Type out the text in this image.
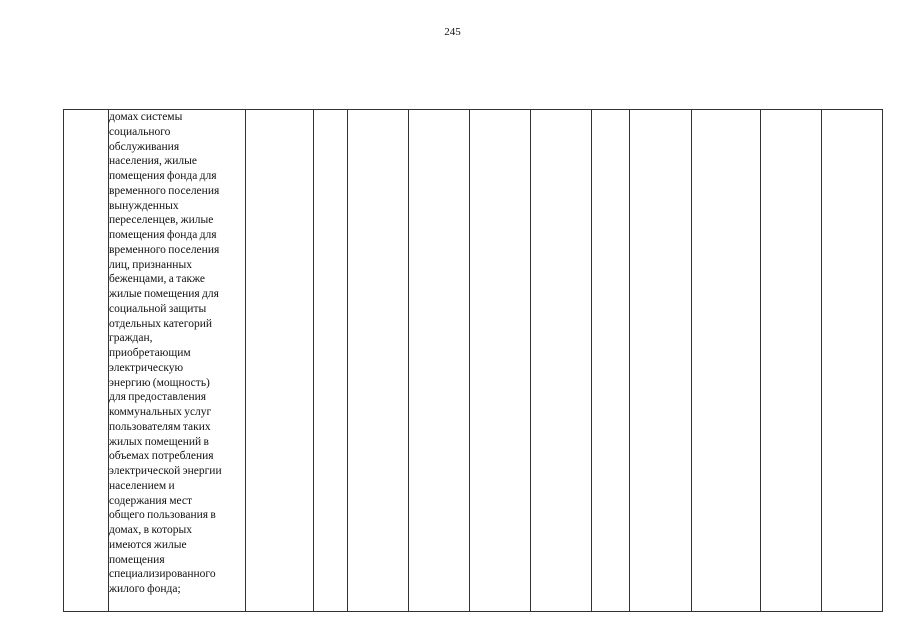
245
	домах системы
социального
обслуживания
населения, жилые
помещения фонда для
временного поселения
вынужденных
переселенцев, жилые
помещения фонда для
временного поселения
лиц, признанных
беженцами, а также
жилые помещения для
социальной защиты
отдельных категорий
граждан,
приобретающим
электрическую
энергию (мощность)
для предоставления
коммунальных услуг
пользователям таких
жилых помещений в
объемах потребления
электрической энергии
населением и
содержания мест
общего пользования в
домах, в которых
имеются жилые
помещения
специализированного
жилого фонда;											
